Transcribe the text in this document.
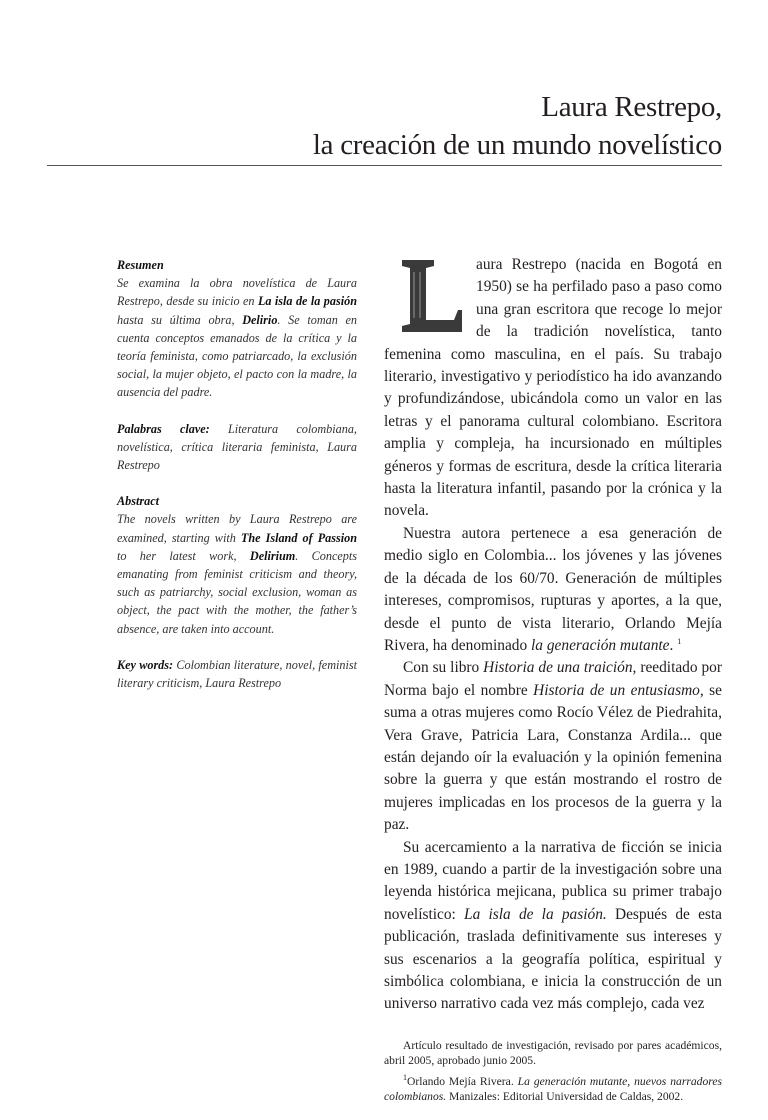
Laura Restrepo,
la creación de un mundo novelístico

Resumen
Se examina la obra novelística de Laura Restrepo, desde su inicio en La isla de la pasión hasta su última obra, Delirio. Se toman en cuenta conceptos emanados de la crítica y la teoría feminista, como patriarcado, la exclusión social, la mujer objeto, el pacto con la madre, la ausencia del padre.

Palabras clave: Literatura colombiana, novelística, crítica literaria feminista, Laura Restrepo

Abstract
The novels written by Laura Restrepo are examined, starting with The Island of Passion to her latest work, Delirium. Concepts emanating from feminist criticism and theory, such as patriarchy, social exclusion, woman as object, the pact with the mother, the father’s absence, are taken into account.

Key words: Colombian literature, novel, feminist literary criticism, Laura Restrepo

aura Restrepo (nacida en Bogotá en 1950) se ha perfilado paso a paso como una gran escritora que recoge lo mejor de la tradición novelística, tanto femenina como masculina, en el país. Su trabajo literario, investigativo y periodístico ha ido avanzando y profundizándose, ubicándola como un valor en las letras y el panorama cultural colombiano. Escritora amplia y compleja, ha incursionado en múltiples géneros y formas de escritura, desde la crítica literaria hasta la literatura infantil, pasando por la crónica y la novela.

Nuestra autora pertenece a esa generación de medio siglo en Colombia... los jóvenes y las jóvenes de la década de los 60/70. Generación de múltiples intereses, compromisos, rupturas y aportes, a la que, desde el punto de vista literario, Orlando Mejía Rivera, ha denominado la generación mutante. $^1$

Con su libro Historia de una traición, reeditado por Norma bajo el nombre Historia de un entusiasmo, se suma a otras mujeres como Rocío Vélez de Piedrahita, Vera Grave, Patricia Lara, Constanza Ardila... que están dejando oír la evaluación y la opinión femenina sobre la guerra y que están mostrando el rostro de mujeres implicadas en los procesos de la guerra y la paz.

Su acercamiento a la narrativa de ficción se inicia en 1989, cuando a partir de la investigación sobre una leyenda histórica mejicana, publica su primer trabajo novelístico: La isla de la pasión. Después de esta publicación, traslada definitivamente sus intereses y sus escenarios a la geografía política, espiritual y simbólica colombiana, e inicia la construcción de un universo narrativo cada vez más complejo, cada vez

Artículo resultado de investigación, revisado por pares académicos, abril 2005, aprobado junio 2005.

$^1$Orlando Mejía Rivera. La generación mutante, nuevos narradores colombianos. Manizales: Editorial Universidad de Caldas, 2002.
